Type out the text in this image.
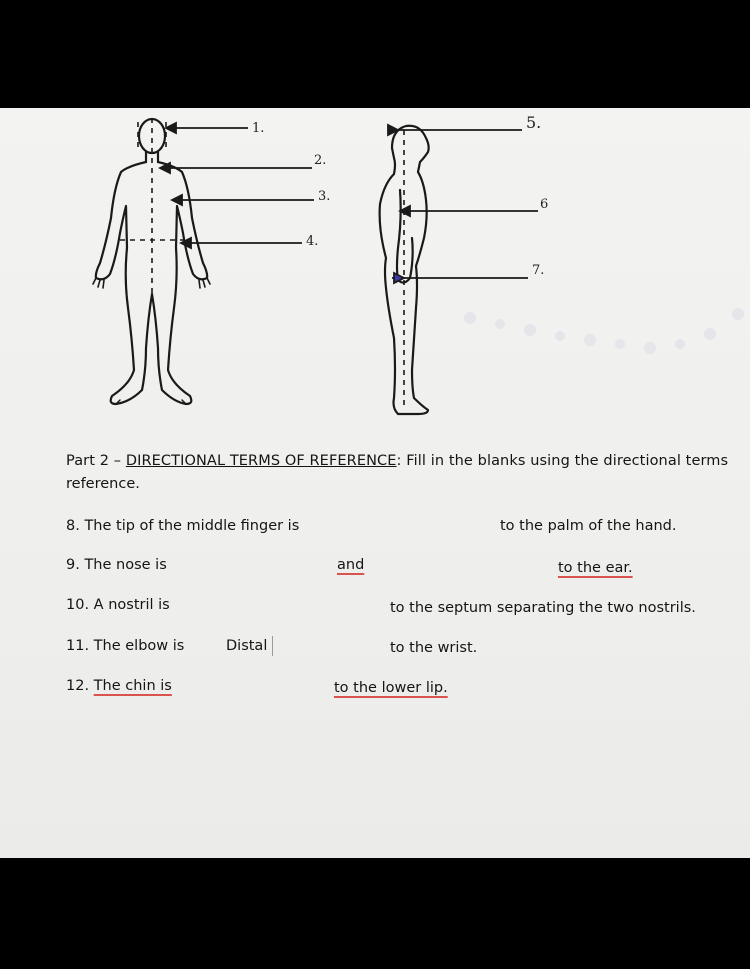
1.
2.
3.
4.
5.
6
7.
Part 2 – DIRECTIONAL TERMS OF REFERENCE: Fill in the blanks using the directional terms
reference.
8. The tip of the middle finger is	to the palm of the hand.
9. The nose is	and	to the ear.
10. A nostril is	to the septum separating the two nostrils.
11. The elbow is	Distal	to the wrist.
12. The chin is	to the lower lip.
